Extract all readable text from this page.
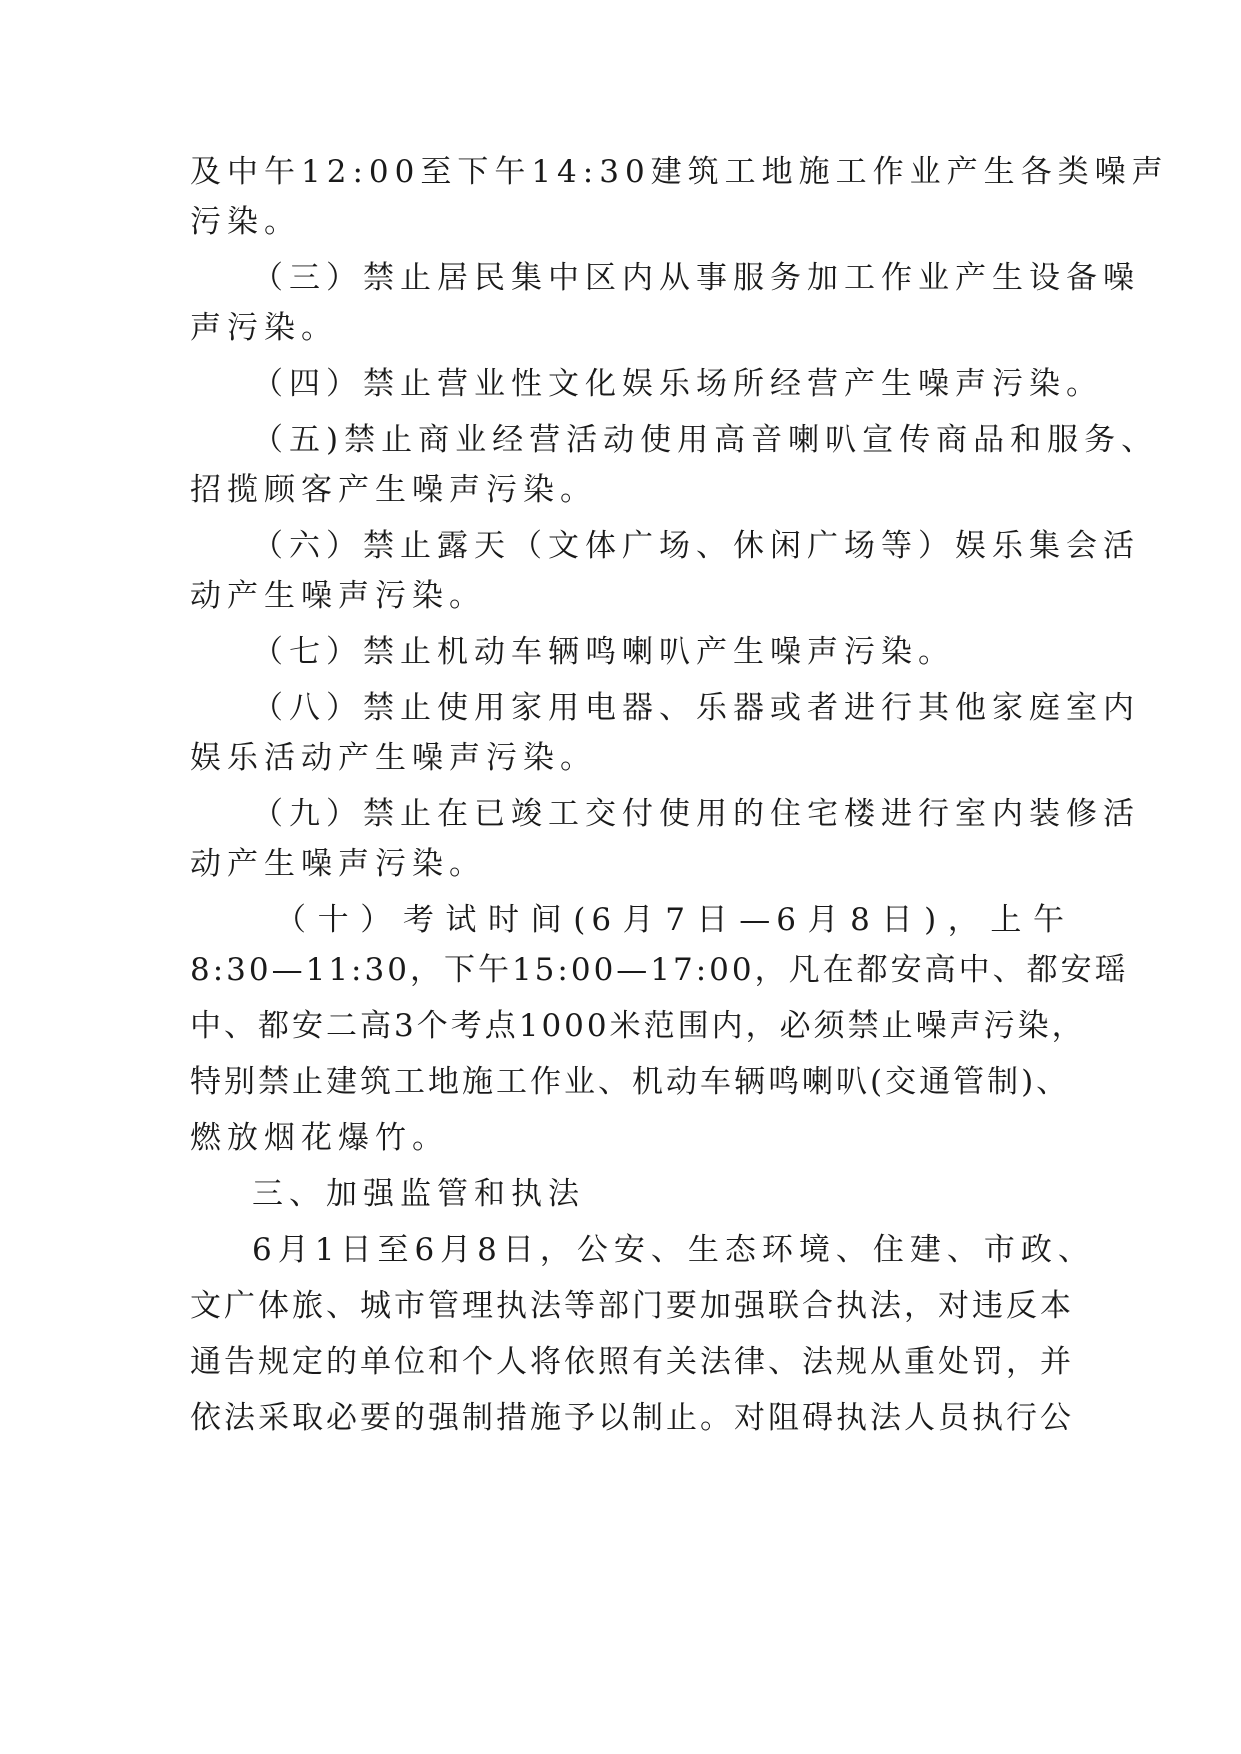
及中午12:00至下午14:30建筑工地施工作业产生各类噪声
污染。
（三）禁止居民集中区内从事服务加工作业产生设备噪
声污染。
（四）禁止营业性文化娱乐场所经营产生噪声污染。
（五)禁止商业经营活动使用高音喇叭宣传商品和服务、
招揽顾客产生噪声污染。
（六）禁止露天（文体广场、休闲广场等）娱乐集会活
动产生噪声污染。
（七）禁止机动车辆鸣喇叭产生噪声污染。
（八）禁止使用家用电器、乐器或者进行其他家庭室内
娱乐活动产生噪声污染。
（九）禁止在已竣工交付使用的住宅楼进行室内装修活
动产生噪声污染。
（十）考试时间(6月7日—6月8日)，上午
8:30—11:30，下午15:00—17:00，凡在都安高中、都安瑶
中、都安二高3个考点1000米范围内，必须禁止噪声污染，
特别禁止建筑工地施工作业、机动车辆鸣喇叭(交通管制)、
燃放烟花爆竹。
三、加强监管和执法
6月1日至6月8日，公安、生态环境、住建、市政、
文广体旅、城市管理执法等部门要加强联合执法，对违反本
通告规定的单位和个人将依照有关法律、法规从重处罚，并
依法采取必要的强制措施予以制止。对阻碍执法人员执行公
